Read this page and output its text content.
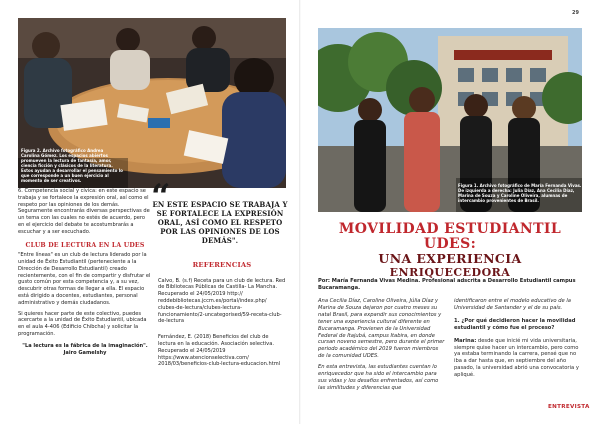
Figura 2. Archivo fotográfico Andrea Carolina Gómez. Los espacios abiertos promueven la lectura de fantasía, amor, ciencia ficción y clásicos de la literatura. Estos ayudan a desarrollar el pensamiento lo que corresponde a un buen ejercicio al momento de ser creativos.

6. Competencia social y cívica: en este espacio se trabaja y se fortalece la expresión oral, así como el respeto por las opiniones de los demás. Seguramente encontrarás diversas perspectivas de un tema con las cuales no estés de acuerdo, pero en el ejercicio del debate te acostumbrarás a escuchar y a ser escuchado.

CLUB DE LECTURA EN LA UDES

"Entre líneas" es un club de lectura liderado por la unidad de Éxito Estudiantil (perteneciente a la Dirección de Desarrollo Estudiantil) creado recientemente, con el fin de compartir y disfrutar el gusto común por esta competencia y, a su vez, descubrir otras formas de llegar a ella. El espacio está dirigido a docentes, estudiantes, personal administrativo y demás ciudadanos.

Si quieres hacer parte de este colectivo, puedes acercarte a la unidad de Éxito Estudiantil, ubicada en el aula 4-406 (Edificio Chibcha) y solicitar la programación.

"La lectura es la fábrica de la imaginación". Jairo Gamelshy

“
EN ESTE ESPACIO SE TRABAJA Y SE FORTALECE LA EXPRESIÓN ORAL, ASÍ COMO EL RESPETO POR LAS OPINIONES DE LOS DEMÁS".
REFERENCIAS

Calvo, B. (s.f) Receta para un club de lectura. Red de Bibliotecas Públicas de Castilla- La Mancha. Recuperado el 24/05/2019 http:// reddebibliotecas.jccm.es/portal/index.php/ clubes-de-lectura/clubes-lectura-funcionamiento/2-uncategorised/59-receta-club-de-lectura

Fernández, E. (2018) Beneficios del club de lectura en la educación. Asociación selectiva. Recuperado el 24/05/2019 https://www.atencionselectiva.com/ 2018/03/beneficios-club-lectura-educacion.html

29
Figura 1. Archivo fotográfico de María Fernanda Vivas. De izquierda a derecha: Julia Díaz, Ana Cecilia Díaz, Marina de Souza y Caroline Oliveira, alumnas de intercambio provenientes de Brasil.
MOVILIDAD ESTUDIANTIL UDES:
UNA EXPERIENCIA
ENRIQUECEDORA
Por: María Fernanda Vivas Medina. Profesional adscrita a Desarrollo Estudiantil campus Bucaramanga.

Ana Cecilia Díaz, Caroline Oliveira, Júlia Díaz y Marina de Souza dejaron por cuatro meses su natal Brasil, para expandir sus conocimientos y tener una experiencia cultural diferente en Bucaramanga. Provienen de la Universidad Federal de Itajubá, campus Itabira, en donde cursan noveno semestre, pero durante el primer periodo académico del 2019 fueron miembros de la comunidad UDES.

En esta entrevista, las estudiantes cuentan lo enriquecedor que ha sido el intercambio para sus vidas y los desafíos enfrentados, así como las similitudes y diferencias que

identificaron entre el modelo educativo de la Universidad de Santander y el de su país.

1. ¿Por qué decidieron hacer la movilidad estudiantil y cómo fue el proceso?

Marina: desde que inicié mi vida universitaria, siempre quise hacer un intercambio, pero como ya estaba terminando la carrera, pensé que no iba a dar hasta que, en septiembre del año pasado, la universidad abrió una convocatoria y apliqué.

ENTREVISTA
